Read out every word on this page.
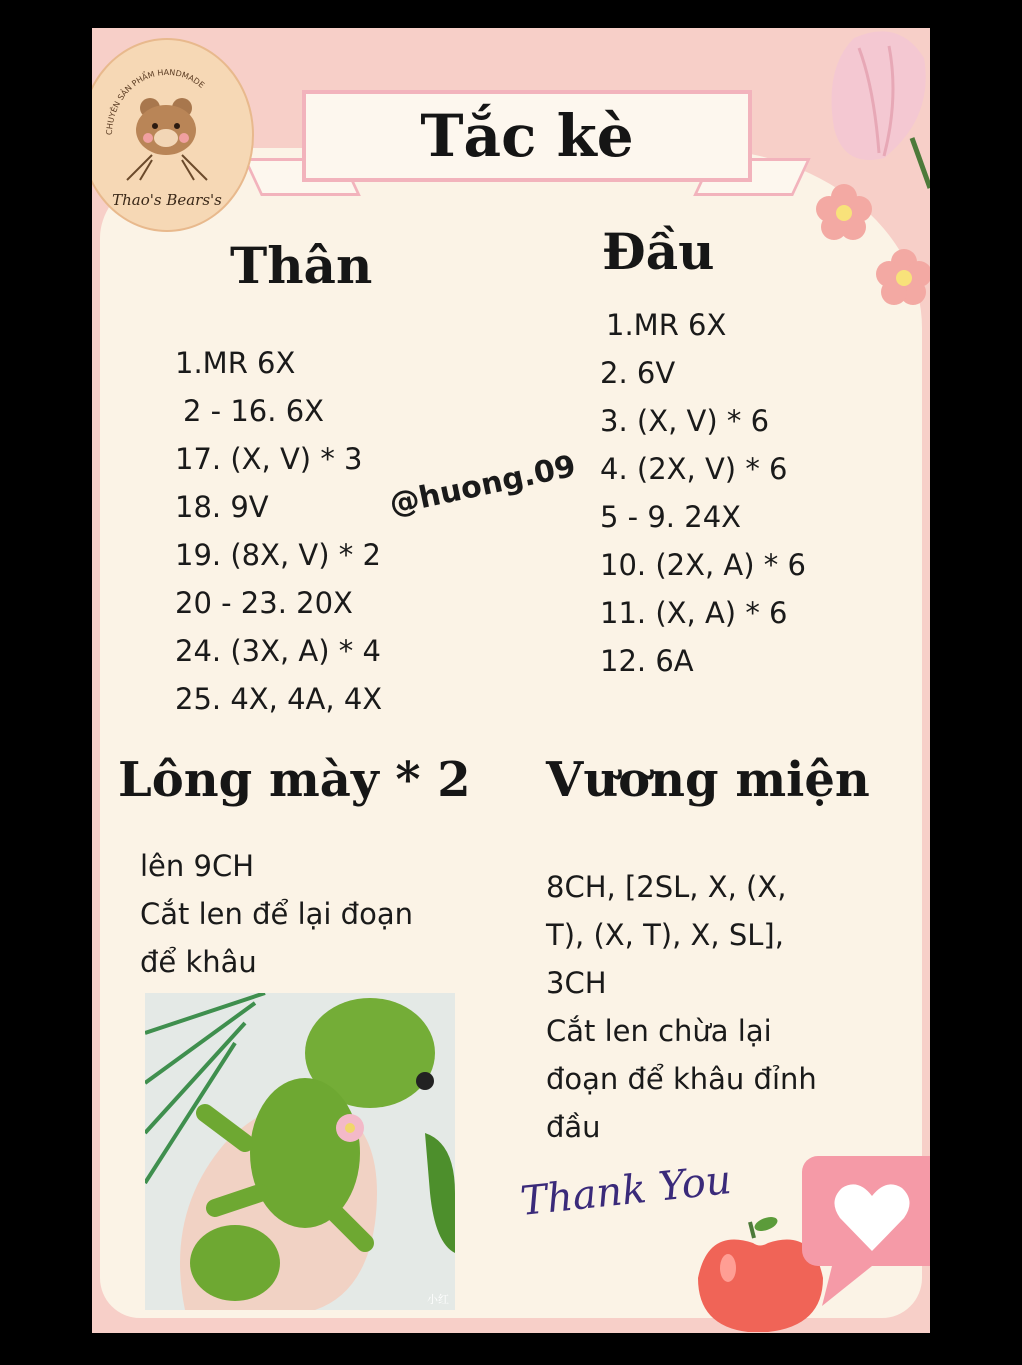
Tắc kè
CHUYÊN SẢN PHẨM HANDMADE
Thao's Bears's
Thân
1.MR 6X
2 - 16. 6X
17. (X, V) * 3
18. 9V
19. (8X, V) * 2
20 - 23. 20X
24. (3X, A) * 4
25. 4X, 4A, 4X
@huong.09
Đầu
1.MR 6X
2. 6V
3. (X, V) * 6
4. (2X, V) * 6
5 - 9. 24X
10. (2X, A) * 6
11. (X, A) * 6
12. 6A
Lông mày * 2
lên 9CH
Cắt len để lại đoạn
để khâu
Vương miện
8CH, [2SL, X, (X,
T), (X, T), X, SL],
3CH
Cắt len chừa lại
đoạn để khâu đỉnh
đầu
小红
Thank You
